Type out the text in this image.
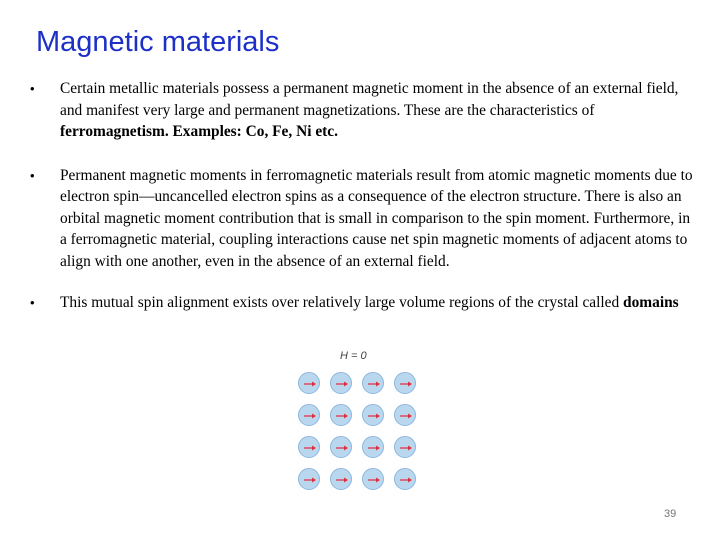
Magnetic materials
•	Certain metallic materials possess a permanent magnetic moment in the absence of an external field, and manifest very large and permanent magnetizations. These are the characteristics of ferromagnetism. Examples: Co, Fe, Ni etc.
•	Permanent magnetic moments in ferromagnetic materials result from atomic magnetic moments due to electron spin—uncancelled electron spins as a consequence of the electron structure. There is also an orbital magnetic moment contribution that is small in comparison to the spin moment. Furthermore, in a ferromagnetic material, coupling interactions cause net spin magnetic moments of adjacent atoms to align with one another, even in the absence of an external field.
•	This mutual spin alignment exists over relatively large volume regions of the crystal called domains
H = 0
39
